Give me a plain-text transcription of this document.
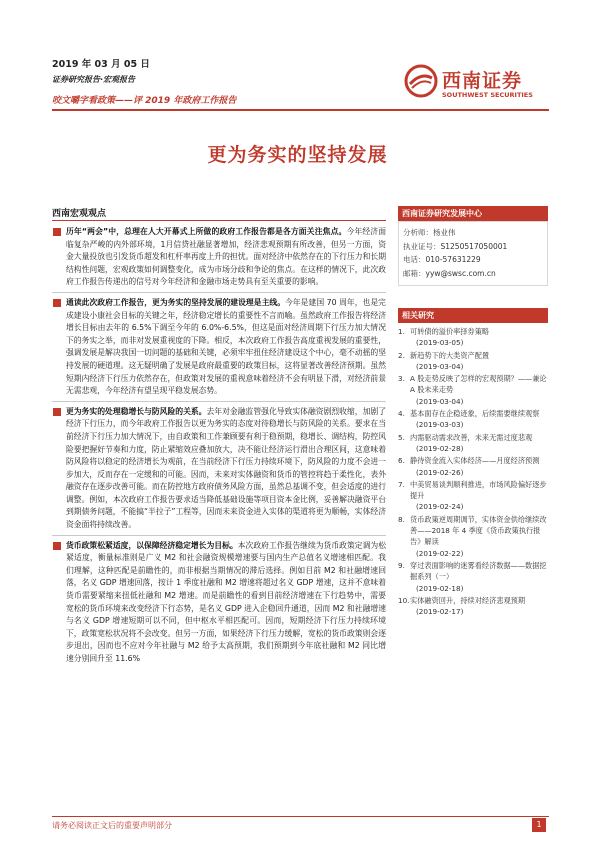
2019 年 03 月 05 日
证券研究报告·宏观报告
咬文嚼字看政策——评 2019 年政府工作报告
西南证券
SOUTHWEST SECURITIES
更为务实的坚持发展
西南宏观观点
历年“两会”中，总理在人大开幕式上所做的政府工作报告都是各方面关注焦点。今年经济面临复杂严峻的内外部环境，1月信贷社融显著增加，经济悲观预期有所改善，但另一方面，资金大量投放也引发货币超发和杠杆率再度上升的担忧。面对经济中依然存在的下行压力和长期结构性问题，宏观政策如何调整变化，成为市场分歧和争论的焦点。在这样的情况下，此次政府工作报告传递出的信号对今年经济和金融市场走势具有至关重要的影响。
通读此次政府工作报告，更为务实的坚持发展的建设理是主线。今年是建国 70 周年，也是完成建设小康社会目标的关键之年，经济稳定增长的重要性不言而喻。虽然政府工作报告将经济增长目标由去年的 6.5%下调至今年的 6.0%-6.5%，但这是面对经济周期下行压力加大情况下的务实之举，而非对发展重视度的下降。相反，本次政府工作报告高度重视发展的重要性，强调发展是解决我国一切问题的基础和关键，必须牢牢扭住经济建设这个中心，毫不动摇的坚持发展的硬道理。这无疑明确了发展是政府最重要的政策目标，这将显著改善经济预期。虽然短期内经济下行压力依然存在，但政策对发展的重视意味着经济不会有明显下滑，对经济前景无需悲观，今年经济有望呈现平稳发展态势。
更为务实的处理稳增长与防风险的关系。去年对金融监管强化导致实体融资剧烈收缩，加剧了经济下行压力，而今年政府工作报告以更为务实的态度对待稳增长与防风险的关系。要求在当前经济下行压力加大情况下，由自政策和工作兼顾要有利于稳预期，稳增长、调结构，防控风险要把握好节奏和力度，防止紧缩效应叠加放大，决不能让经济运行滑出合理区间，这意味着防风险将以稳定的经济增长为观前，在当前经济下行压力持续环境下，防风险的力度不会进一步加大，反而存在一定缓和的可能。因而，未来对实体融资和货币的管控将趋于柔性化，表外融资存在逐步改善可能。而在防控地方政府债务风险方面，虽然总基调不变，但会适度的进行调整。例如，本次政府工作报告要求适当降低基础设施等项目资本金比例，妥善解决融资平台到期债务问题，不能搞“半拉子”工程等，因而未来资金进入实体的渠道将更为顺畅，实体经济资金面将持续改善。
货币政策松紧适度，以保障经济稳定增长为目标。本次政府工作报告继续为货币政策定调为松紧适度，衡量标准则是广义 M2 和社会融资规模增速要与国内生产总值名义增速相匹配。我们理解，这种匹配是前瞻性的，而非根据当期情况的滞后选择。例如目前 M2 和社融增速回落，名义 GDP 增速回落，按计 1 季度社融和 M2 增速将超过名义 GDP 增速，这并不意味着货币需要紧缩来扭低社融和 M2 增速。而是前瞻性的看到目前经济增速在下行趋势中，需要宽松的货币环境来改变经济下行态势，是名义 GDP 进入企稳回升通道，因而 M2 和社融增速与名义 GDP 增速短期可以不同，但中枢水平相匹配可。因而，短期经济下行压力持续环境下，政策宽松状况将不会改变。但另一方面，如果经济下行压力缓解，宽松的货币政策则会逐步退出，因而也不应对今年社融与 M2 给予太高预期，我们预期到今年底社融和 M2 同比增速分别回升至 11.6%
西南证券研究发展中心
分析师：杨业伟
执业证号：S1250517050001
电话：010-57631229
邮箱：yyw@swsc.com.cn
相关研究
1. 可转债的溢价率择券策略
(2019-03-05)
2. 新趋势下的大类资产配置
(2019-03-04)
3. A 股走势反映了怎样的宏观预期？——兼论 A 股未来走势
(2019-03-04)
4. 基本面存在企稳迹象，后续需要继续观察
(2019-03-03)
5. 内需驱动需求改善，未来无需过度悲观
(2019-02-28)
6. 静待资金流入实体经济——月度经济预测
(2019-02-26)
7. 中美贸易谈判顺利推进，市场风险偏好逐步提升
(2019-02-24)
8. 货币政策逆周期调节，实体资金供给继续改善——2018 年 4 季度《货币政策执行报告》解读
(2019-02-22)
9. 穿过表面影响的迷雾看经济数据——数据挖掘系列（一）
(2019-02-18)
10. 实体融资回升，持续对经济悲观预期
(2019-02-17)
请务必阅读正文后的重要声明部分	1
